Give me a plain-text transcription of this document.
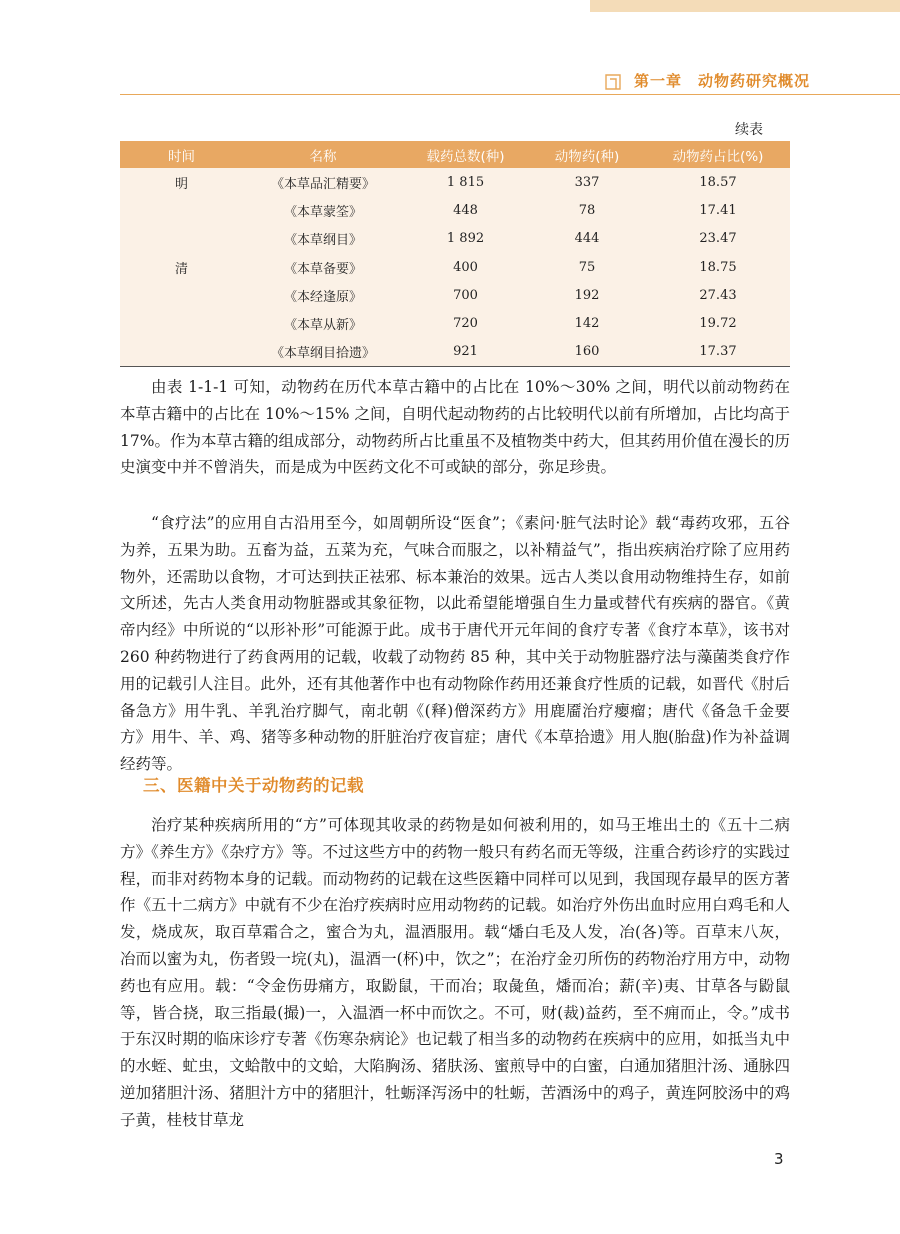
第一章　动物药研究概况
续表
时间	名称	载药总数(种)	动物药(种)	动物药占比(%)
明	《本草品汇精要》	1 815	337	18.57
	《本草蒙筌》	448	78	17.41
	《本草纲目》	1 892	444	23.47
清	《本草备要》	400	75	18.75
	《本经逢原》	700	192	27.43
	《本草从新》	720	142	19.72
	《本草纲目拾遗》	921	160	17.37

由表 1-1-1 可知，动物药在历代本草古籍中的占比在 10%～30% 之间，明代以前动物药在本草古籍中的占比在 10%～15% 之间，自明代起动物药的占比较明代以前有所增加，占比均高于 17%。作为本草古籍的组成部分，动物药所占比重虽不及植物类中药大，但其药用价值在漫长的历史演变中并不曾消失，而是成为中医药文化不可或缺的部分，弥足珍贵。

“食疗法”的应用自古沿用至今，如周朝所设“医食”；《素问·脏气法时论》载“毒药攻邪，五谷为养，五果为助。五畜为益，五菜为充，气味合而服之，以补精益气”，指出疾病治疗除了应用药物外，还需助以食物，才可达到扶正祛邪、标本兼治的效果。远古人类以食用动物维持生存，如前文所述，先古人类食用动物脏器或其象征物，以此希望能增强自生力量或替代有疾病的器官。《黄帝内经》中所说的“以形补形”可能源于此。成书于唐代开元年间的食疗专著《食疗本草》，该书对 260 种药物进行了药食两用的记载，收载了动物药 85 种，其中关于动物脏器疗法与藻菌类食疗作用的记载引人注目。此外，还有其他著作中也有动物除作药用还兼食疗性质的记载，如晋代《肘后备急方》用牛乳、羊乳治疗脚气，南北朝《(释)僧深药方》用鹿靥治疗瘿瘤；唐代《备急千金要方》用牛、羊、鸡、猪等多种动物的肝脏治疗夜盲症；唐代《本草拾遗》用人胞(胎盘)作为补益调经药等。

三、医籍中关于动物药的记载

治疗某种疾病所用的“方”可体现其收录的药物是如何被利用的，如马王堆出土的《五十二病方》《养生方》《杂疗方》等。不过这些方中的药物一般只有药名而无等级，注重合药诊疗的实践过程，而非对药物本身的记载。而动物药的记载在这些医籍中同样可以见到，我国现存最早的医方著作《五十二病方》中就有不少在治疗疾病时应用动物药的记载。如治疗外伤出血时应用白鸡毛和人发，烧成灰，取百草霜合之，蜜合为丸，温酒服用。载“燔白毛及人发，冶(各)等。百草末八灰，冶而以蜜为丸，伤者毁一垸(丸)，温酒一(杯)中，饮之”；在治疗金刃所伤的药物治疗用方中，动物药也有应用。载：“令金伤毋痛方，取鼢鼠，干而冶；取彘鱼，燔而冶；薪(辛)夷、甘草各与鼢鼠等，皆合挠，取三指最(撮)一，入温酒一杯中而饮之。不可，财(裁)益药，至不痈而止，令。”成书于东汉时期的临床诊疗专著《伤寒杂病论》也记载了相当多的动物药在疾病中的应用，如抵当丸中的水蛭、虻虫，文蛤散中的文蛤，大陷胸汤、猪肤汤、蜜煎导中的白蜜，白通加猪胆汁汤、通脉四逆加猪胆汁汤、猪胆汁方中的猪胆汁，牡蛎泽泻汤中的牡蛎，苦酒汤中的鸡子，黄连阿胶汤中的鸡子黄，桂枝甘草龙

3
